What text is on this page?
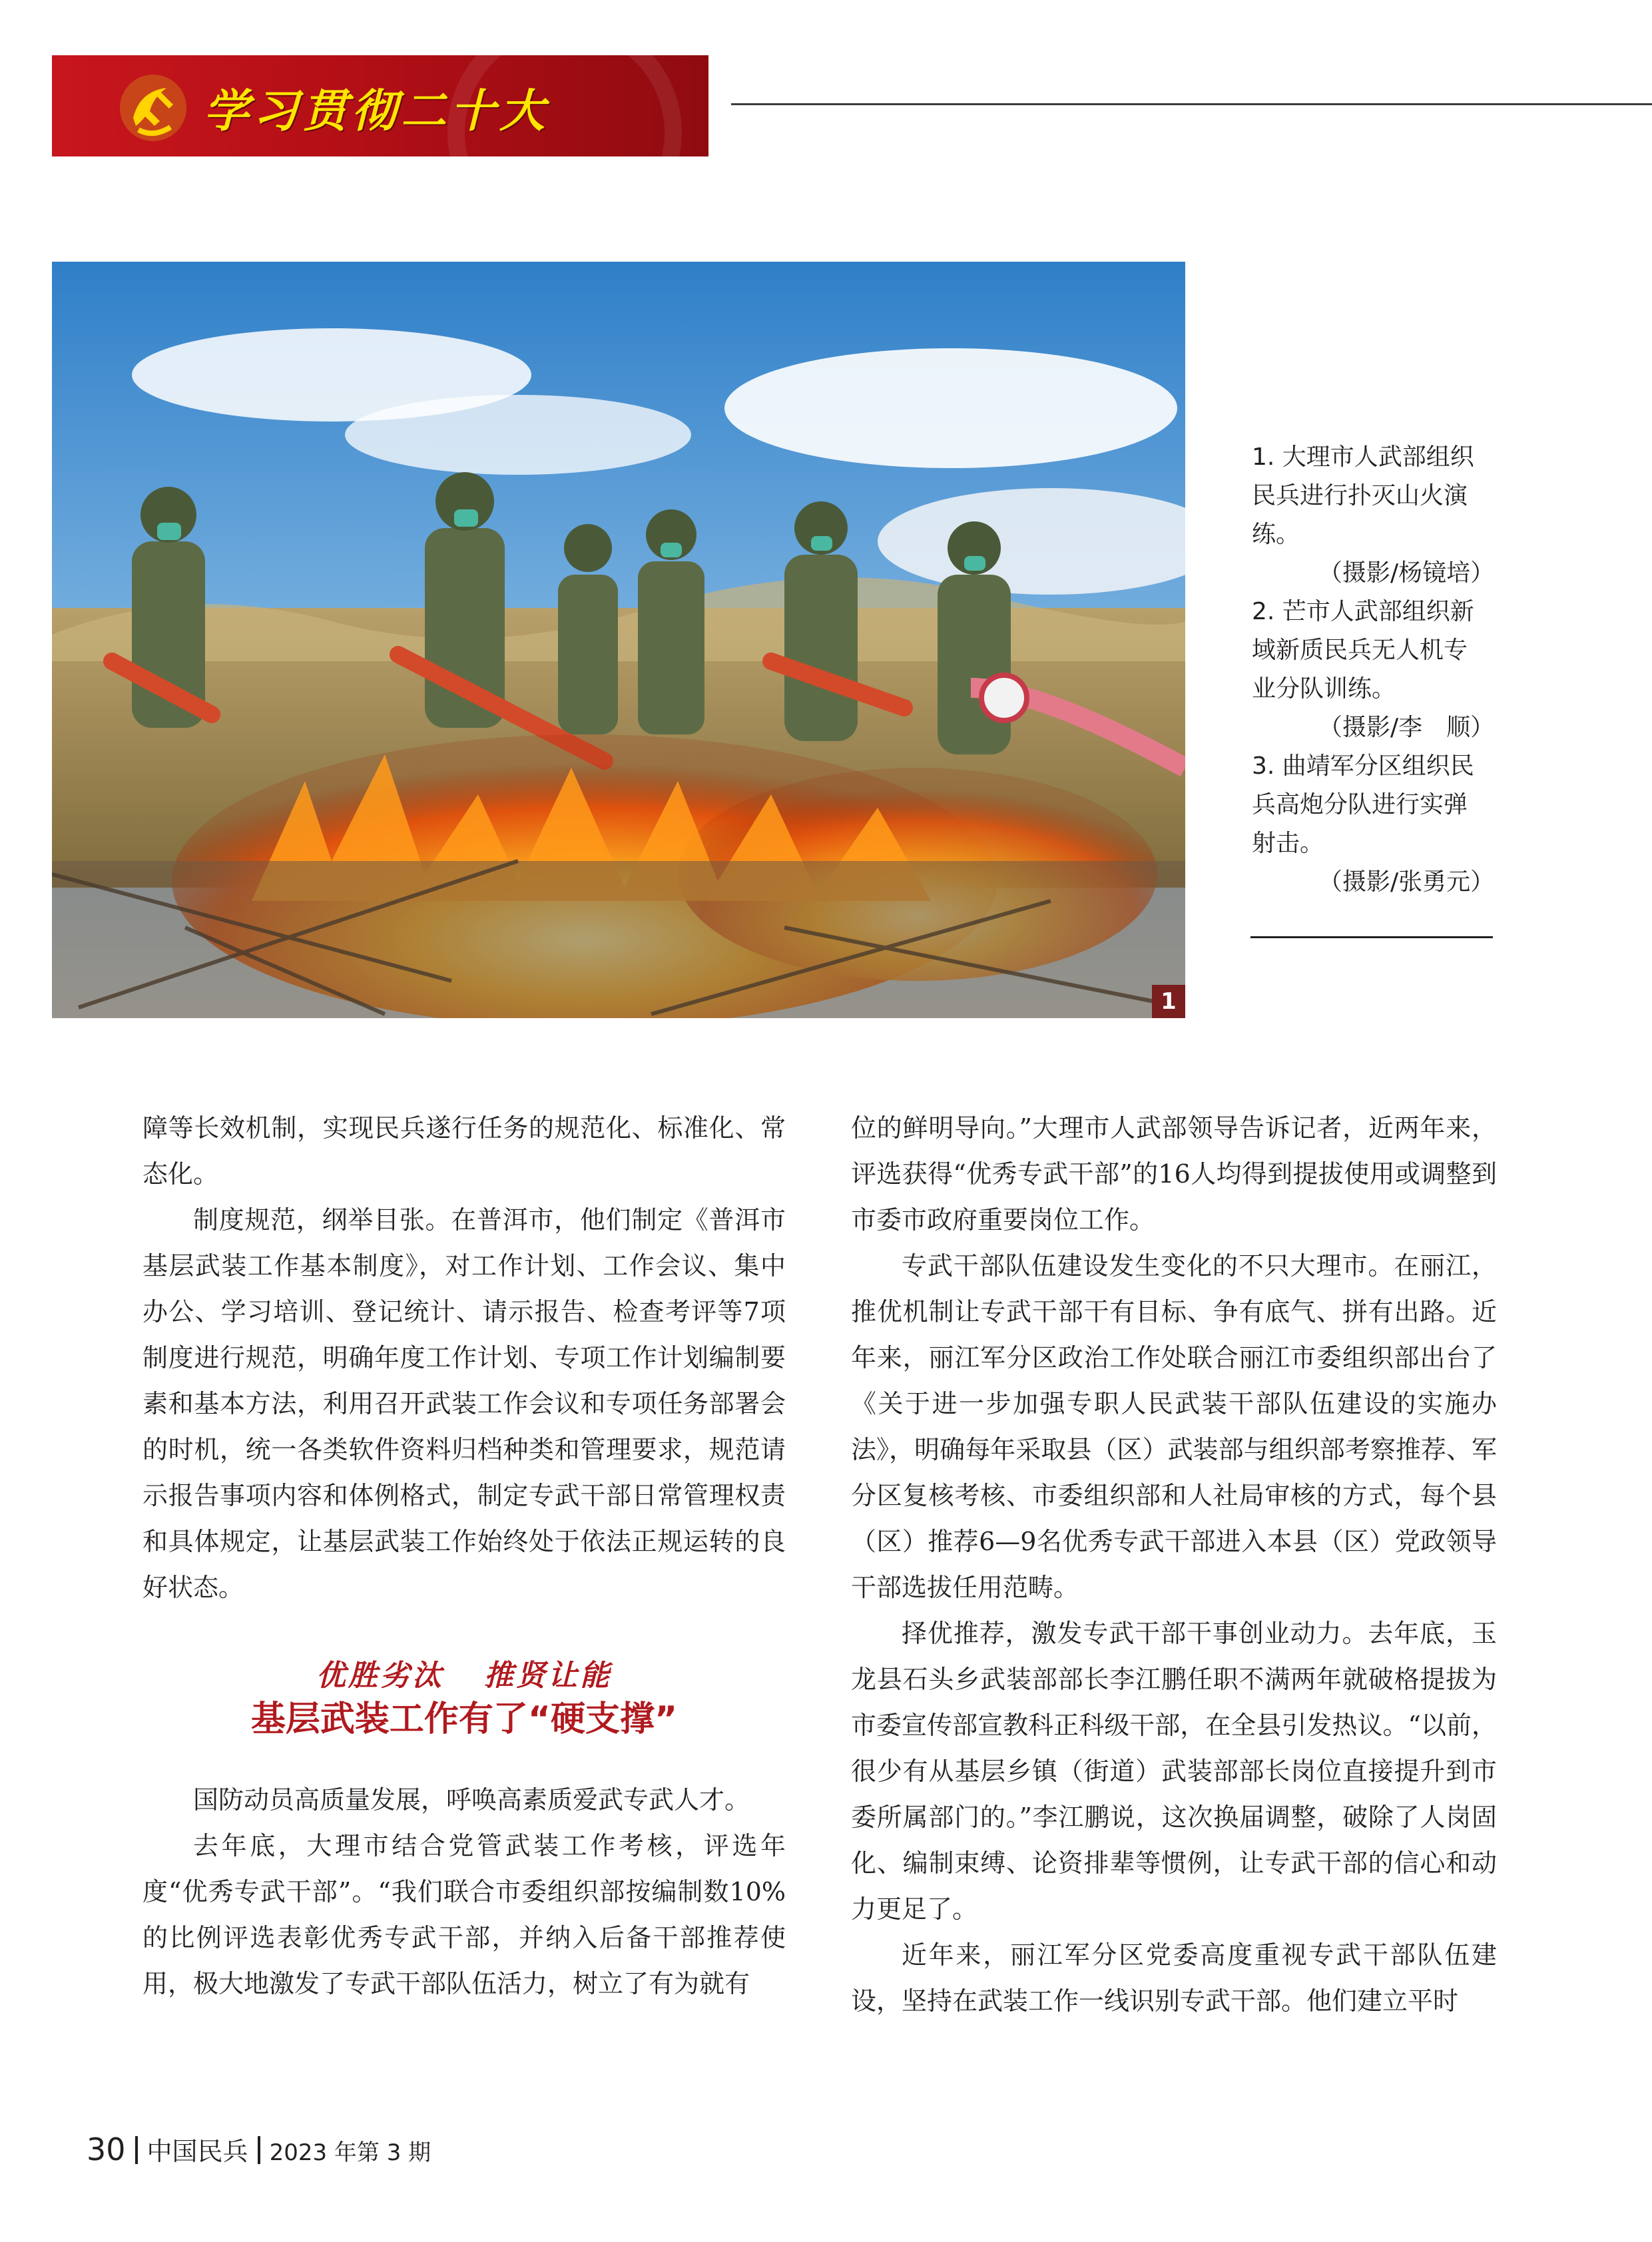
学习贯彻二十大
1
1. 大理市人武部组织
民兵进行扑灭山火演
练。
（摄影/杨镜培）
2. 芒市人武部组织新
域新质民兵无人机专
业分队训练。
（摄影/李　顺）
3. 曲靖军分区组织民
兵高炮分队进行实弹
射击。
（摄影/张勇元）

障等长效机制，实现民兵遂行任务的规范化、标准化、常态化。

制度规范，纲举目张。在普洱市，他们制定《普洱市基层武装工作基本制度》，对工作计划、工作会议、集中办公、学习培训、登记统计、请示报告、检查考评等7项制度进行规范，明确年度工作计划、专项工作计划编制要素和基本方法，利用召开武装工作会议和专项任务部署会的时机，统一各类软件资料归档种类和管理要求，规范请示报告事项内容和体例格式，制定专武干部日常管理权责和具体规定，让基层武装工作始终处于依法正规运转的良好状态。

优胜劣汰 推贤让能
基层武装工作有了“硬支撑”

国防动员高质量发展，呼唤高素质爱武专武人才。

去年底，大理市结合党管武装工作考核，评选年度“优秀专武干部”。“我们联合市委组织部按编制数10%的比例评选表彰优秀专武干部，并纳入后备干部推荐使用，极大地激发了专武干部队伍活力，树立了有为就有

位的鲜明导向。”大理市人武部领导告诉记者，近两年来，评选获得“优秀专武干部”的16人均得到提拔使用或调整到市委市政府重要岗位工作。

专武干部队伍建设发生变化的不只大理市。在丽江，推优机制让专武干部干有目标、争有底气、拼有出路。近年来，丽江军分区政治工作处联合丽江市委组织部出台了《关于进一步加强专职人民武装干部队伍建设的实施办法》，明确每年采取县（区）武装部与组织部考察推荐、军分区复核考核、市委组织部和人社局审核的方式，每个县（区）推荐6—9名优秀专武干部进入本县（区）党政领导干部选拔任用范畴。

择优推荐，激发专武干部干事创业动力。去年底，玉龙县石头乡武装部部长李江鹏任职不满两年就破格提拔为市委宣传部宣教科正科级干部，在全县引发热议。“以前，很少有从基层乡镇（街道）武装部部长岗位直接提升到市委所属部门的。”李江鹏说，这次换届调整，破除了人岗固化、编制束缚、论资排辈等惯例，让专武干部的信心和动力更足了。

近年来，丽江军分区党委高度重视专武干部队伍建设，坚持在武装工作一线识别专武干部。他们建立平时

30 中国民兵 2023 年第 3 期
